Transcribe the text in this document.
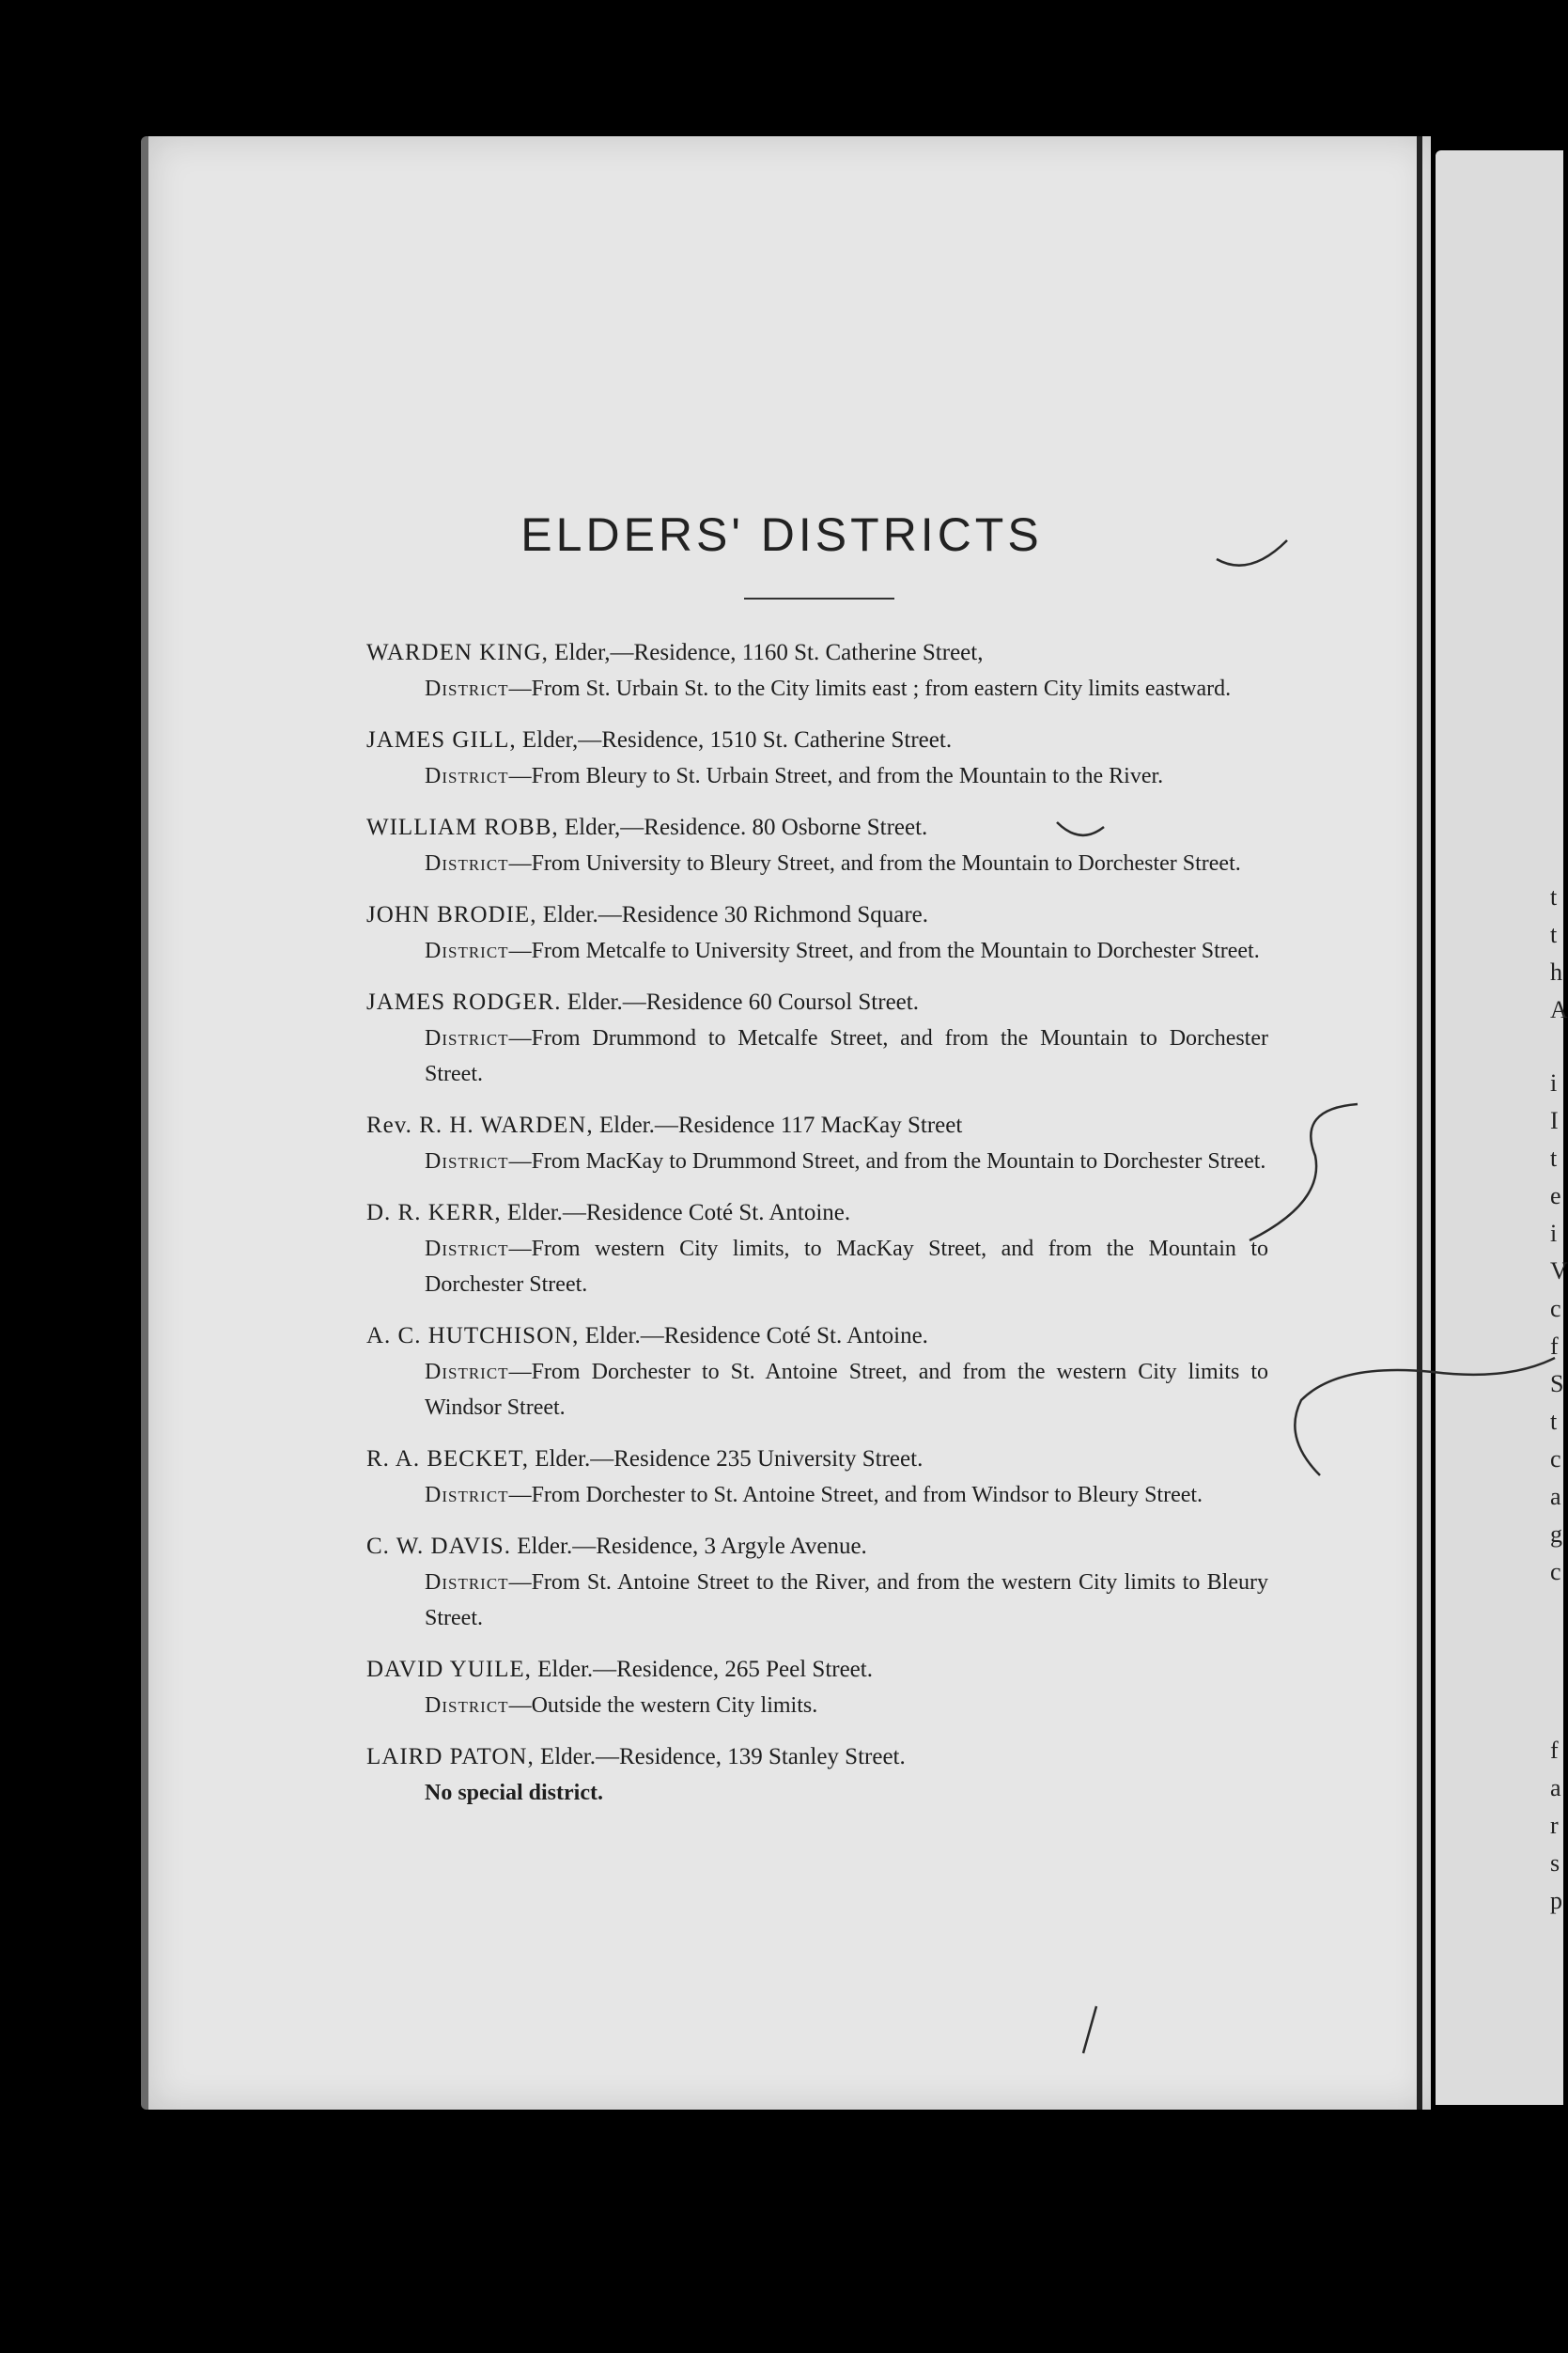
t
t
h
A
i
I
t
e
i
V
c
f
S
t
c
a
g
c
f
a
r
s
p
ELDERS' DISTRICTS
WARDEN KING, Elder,—Residence, 1160 St. Catherine Street,
District—From St. Urbain St. to the City limits east ; from eastern City limits eastward.
JAMES GILL, Elder,—Residence, 1510 St. Catherine Street.
District—From Bleury to St. Urbain Street, and from the Mountain to the River.
WILLIAM ROBB, Elder,—Residence. 80 Osborne Street.
District—From University to Bleury Street, and from the Mountain to Dorchester Street.
JOHN BRODIE, Elder.—Residence 30 Richmond Square.
District—From Metcalfe to University Street, and from the Mountain to Dorchester Street.
JAMES RODGER. Elder.—Residence 60 Coursol Street.
District—From Drummond to Metcalfe Street, and from the Mountain to Dorchester Street.
Rev. R. H. WARDEN, Elder.—Residence 117 MacKay Street
District—From MacKay to Drummond Street, and from the Mountain to Dorchester Street.
D. R. KERR, Elder.—Residence Coté St. Antoine.
District—From western City limits, to MacKay Street, and from the Mountain to Dorchester Street.
A. C. HUTCHISON, Elder.—Residence Coté St. Antoine.
District—From Dorchester to St. Antoine Street, and from the western City limits to Windsor Street.
R. A. BECKET, Elder.—Residence 235 University Street.
District—From Dorchester to St. Antoine Street, and from Windsor to Bleury Street.
C. W. DAVIS. Elder.—Residence, 3 Argyle Avenue.
District—From St. Antoine Street to the River, and from the western City limits to Bleury Street.
DAVID YUILE, Elder.—Residence, 265 Peel Street.
District—Outside the western City limits.
LAIRD PATON, Elder.—Residence, 139 Stanley Street.
No special district.
